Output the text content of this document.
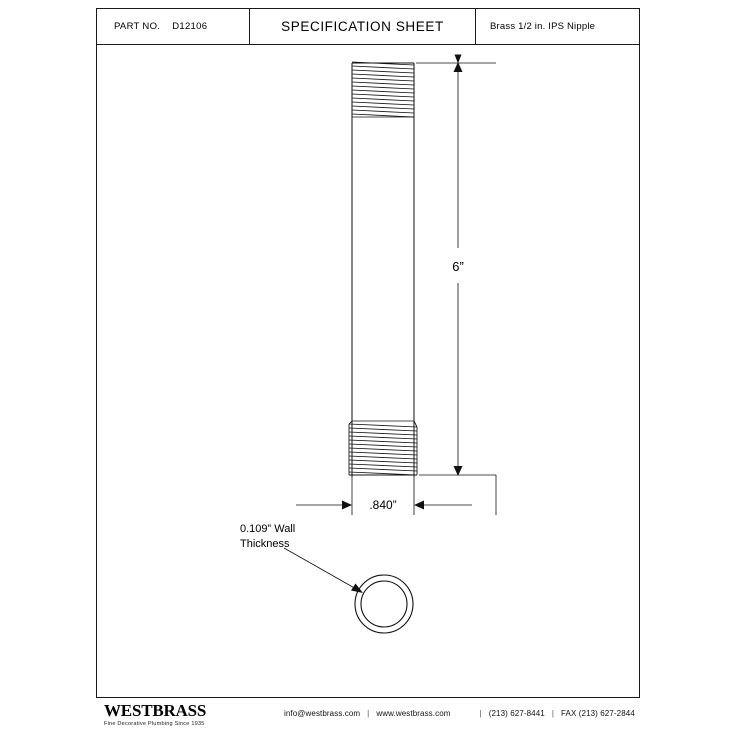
PART NO. D12106	SPECIFICATION SHEET	Brass 1/2 in. IPS Nipple
6”
.840”
0.109” Wall
Thickness
WESTBRASS
Fine Decorative Plumbing Since 1935
info@westbrass.com | www.westbrass.com	| (213) 627-8441 | FAX (213) 627-2844
